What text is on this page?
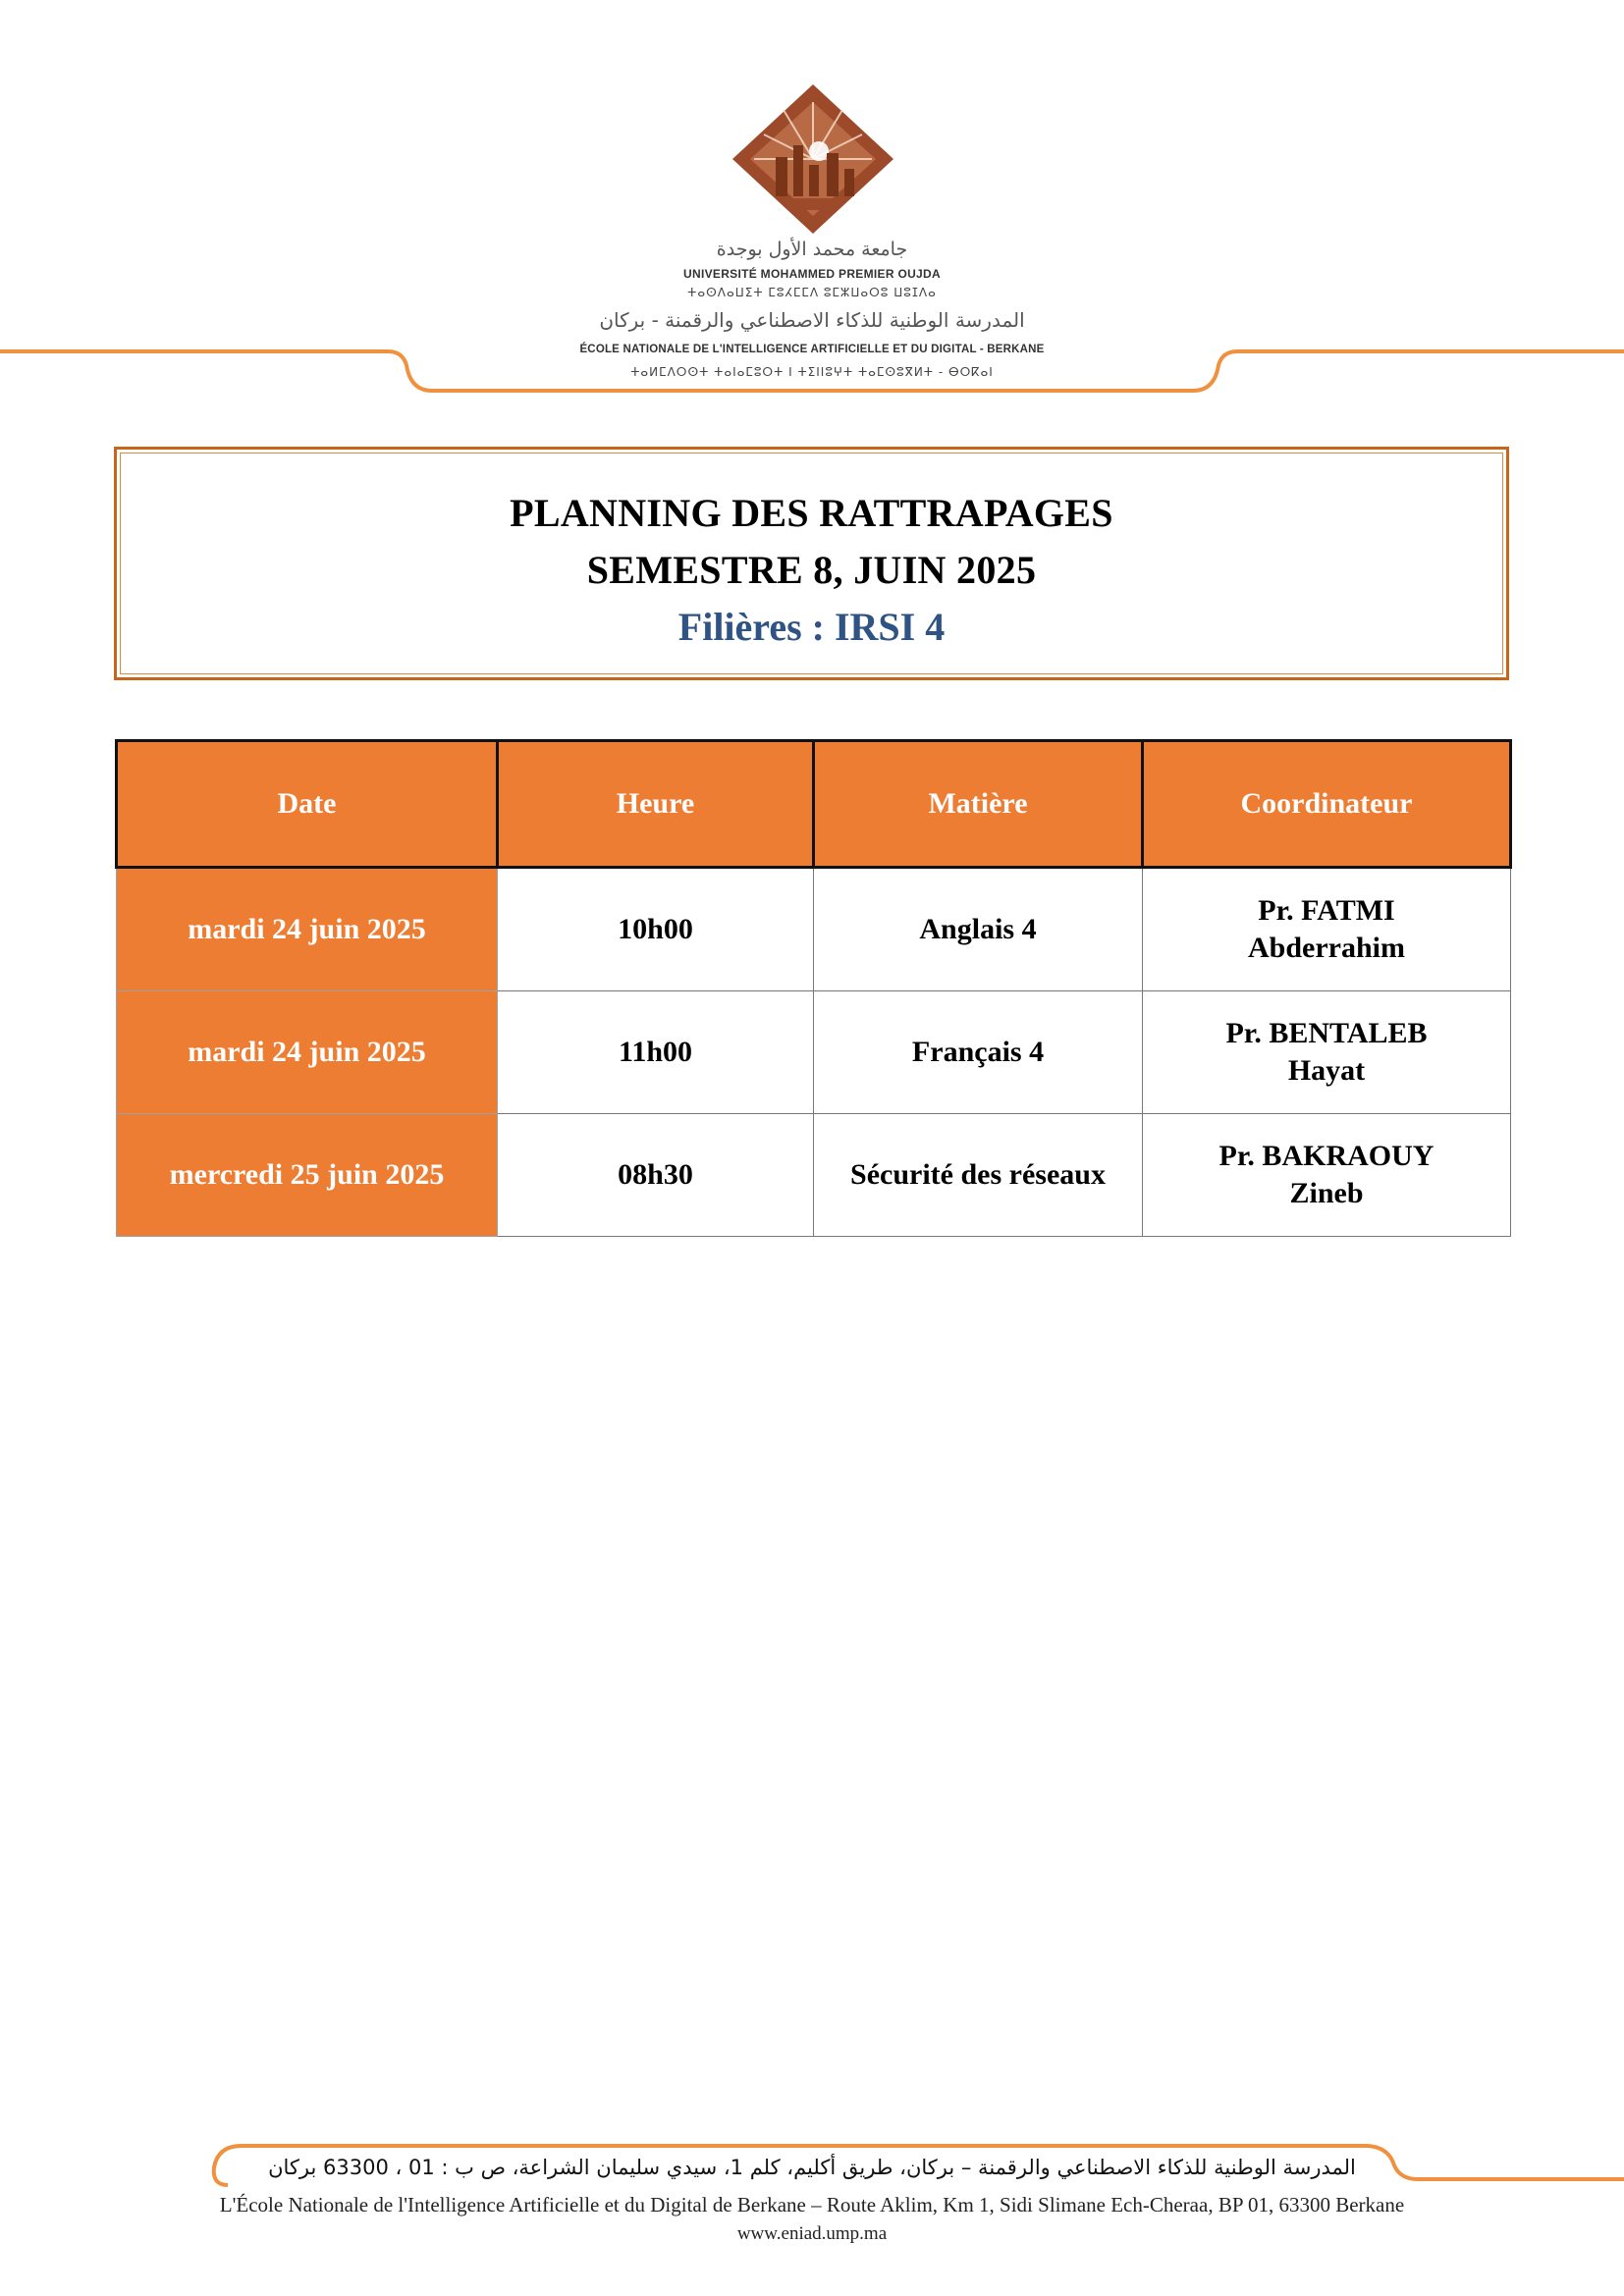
جامعة محمد الأول بوجدة
UNIVERSITÉ MOHAMMED PREMIER OUJDA
ⵜⴰⵙⴷⴰⵡⵉⵜ ⵎⵓⵃⵎⵎⴷ ⵓⵎⵣⵡⴰⵔⵓ ⵡⵓⵊⴷⴰ
المدرسة الوطنية للذكاء الاصطناعي والرقمنة - بركان
ÉCOLE NATIONALE DE L'INTELLIGENCE ARTIFICIELLE ET DU DIGITAL - BERKANE
ⵜⴰⵍⵎⴷⵔⵙⵜ ⵜⴰⵏⴰⵎⵓⵔⵜ ⵏ ⵜⵉⵏⵏⵓⵖⵜ ⵜⴰⵎⵙⵓⴳⵍⵜ - ⴱⵔⴽⴰⵏ
PLANNING DES RATTRAPAGES
SEMESTRE 8, JUIN 2025
Filières : IRSI 4
Date	Heure	Matière	Coordinateur
mardi 24 juin 2025	10h00	Anglais 4	Pr. FATMI
Abderrahim

mardi 24 juin 2025	11h00	Français 4	Pr. BENTALEB
Hayat

mercredi 25 juin 2025	08h30	Sécurité des réseaux	Pr. BAKRAOUY
Zineb
المدرسة الوطنية للذكاء الاصطناعي والرقمنة – بركان، طريق أكليم، كلم 1، سيدي سليمان الشراعة، ص ب : 01 ، 63300 بركان
L'École Nationale de l'Intelligence Artificielle et du Digital de Berkane – Route Aklim, Km 1, Sidi Slimane Ech-Cheraa, BP 01, 63300 Berkane
www.eniad.ump.ma
